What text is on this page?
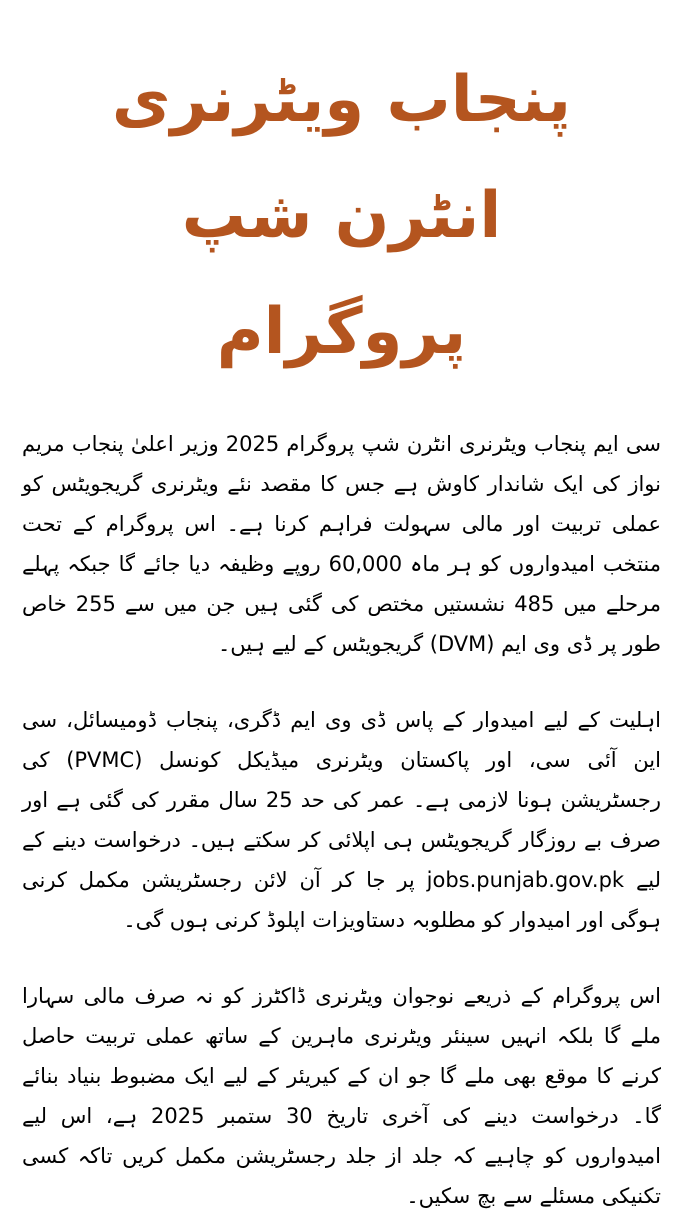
پنجاب ویٹرنری انٹرن شپ
پروگرام

سی ایم پنجاب ویٹرنری انٹرن شپ پروگرام 2025 وزیر اعلیٰ پنجاب مریم نواز کی ایک شاندار کاوش ہے جس کا مقصد نئے ویٹرنری گریجویٹس کو عملی تربیت اور مالی سہولت فراہم کرنا ہے۔ اس پروگرام کے تحت منتخب امیدواروں کو ہر ماہ 60,000 روپے وظیفہ دیا جائے گا جبکہ پہلے مرحلے میں 485 نشستیں مختص کی گئی ہیں جن میں سے 255 خاص طور پر ڈی وی ایم (DVM) گریجویٹس کے لیے ہیں۔

اہلیت کے لیے امیدوار کے پاس ڈی وی ایم ڈگری، پنجاب ڈومیسائل، سی این آئی سی، اور پاکستان ویٹرنری میڈیکل کونسل (PVMC) کی رجسٹریشن ہونا لازمی ہے۔ عمر کی حد 25 سال مقرر کی گئی ہے اور صرف بے روزگار گریجویٹس ہی اپلائی کر سکتے ہیں۔ درخواست دینے کے لیے jobs.punjab.gov.pk پر جا کر آن لائن رجسٹریشن مکمل کرنی ہوگی اور امیدوار کو مطلوبہ دستاویزات اپلوڈ کرنی ہوں گی۔

اس پروگرام کے ذریعے نوجوان ویٹرنری ڈاکٹرز کو نہ صرف مالی سہارا ملے گا بلکہ انہیں سینئر ویٹرنری ماہرین کے ساتھ عملی تربیت حاصل کرنے کا موقع بھی ملے گا جو ان کے کیریئر کے لیے ایک مضبوط بنیاد بنائے گا۔ درخواست دینے کی آخری تاریخ 30 ستمبر 2025 ہے، اس لیے امیدواروں کو چاہیے کہ جلد از جلد رجسٹریشن مکمل کریں تاکہ کسی تکنیکی مسئلے سے بچ سکیں۔
